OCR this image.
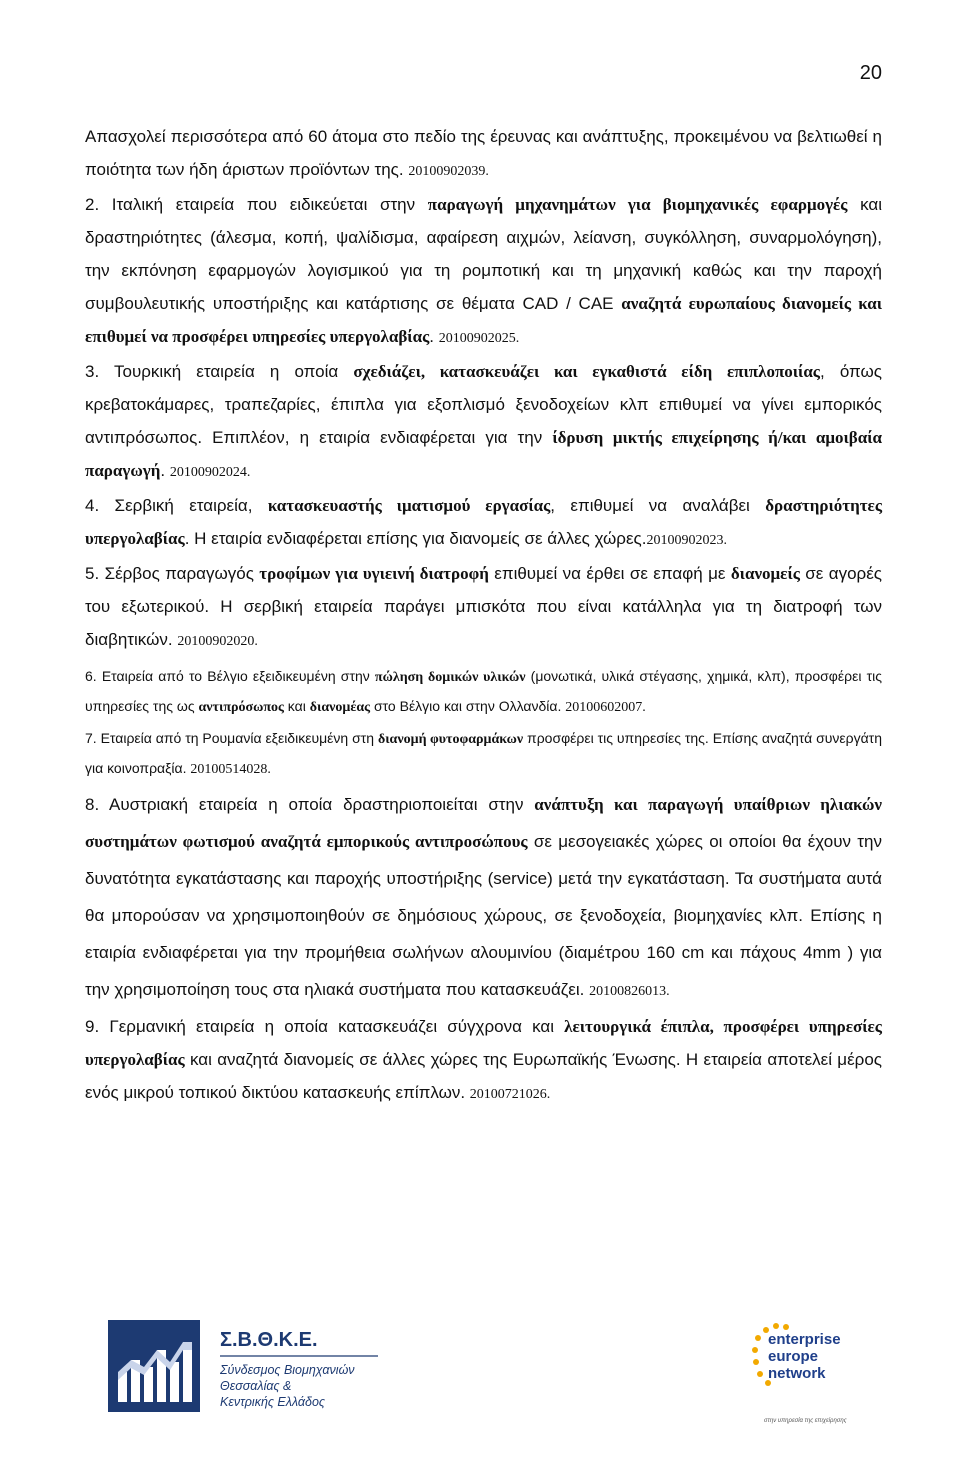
20

Απασχολεί περισσότερα από 60 άτομα στο πεδίο της έρευνας και ανάπτυξης, προκειμένου να βελτιωθεί η ποιότητα των ήδη άριστων προϊόντων της. 20100902039.

2. Ιταλική εταιρεία που ειδικεύεται στην παραγωγή μηχανημάτων για βιομηχανικές εφαρμογές και δραστηριότητες (άλεσμα, κοπή, ψαλίδισμα, αφαίρεση αιχμών, λείανση, συγκόλληση, συναρμολόγηση), την εκπόνηση εφαρμογών λογισμικού για τη ρομποτική και τη μηχανική καθώς και την παροχή συμβουλευτικής υποστήριξης και κατάρτισης σε θέματα CAD / CAE αναζητά ευρωπαίους διανομείς και επιθυμεί να προσφέρει υπηρεσίες υπεργολαβίας. 20100902025.

3. Τουρκική εταιρεία η οποία σχεδιάζει, κατασκευάζει και εγκαθιστά είδη επιπλοποιίας, όπως κρεβατοκάμαρες, τραπεζαρίες, έπιπλα για εξοπλισμό ξενοδοχείων κλπ επιθυμεί να γίνει εμπορικός αντιπρόσωπος. Επιπλέον, η εταιρία ενδιαφέρεται για την ίδρυση μικτής επιχείρησης ή/και αμοιβαία παραγωγή. 20100902024.

4. Σερβική εταιρεία, κατασκευαστής ιματισμού εργασίας, επιθυμεί να αναλάβει δραστηριότητες υπεργολαβίας. Η εταιρία ενδιαφέρεται επίσης για διανομείς σε άλλες χώρες.20100902023.

5. Σέρβος παραγωγός τροφίμων για υγιεινή διατροφή επιθυμεί να έρθει σε επαφή με διανομείς σε αγορές του εξωτερικού. Η σερβική εταιρεία παράγει μπισκότα που είναι κατάλληλα για τη διατροφή των διαβητικών. 20100902020.

6. Εταιρεία από το Βέλγιο εξειδικευμένη στην πώληση δομικών υλικών (μονωτικά, υλικά στέγασης, χημικά, κλπ), προσφέρει τις υπηρεσίες της ως αντιπρόσωπος και διανομέας στο Βέλγιο και στην Ολλανδία. 20100602007.

7. Εταιρεία από τη Ρουμανία εξειδικευμένη στη διανομή φυτοφαρμάκων προσφέρει τις υπηρεσίες της. Επίσης αναζητά συνεργάτη για κοινοπραξία. 20100514028.

8. Αυστριακή εταιρεία η οποία δραστηριοποιείται στην ανάπτυξη και παραγωγή υπαίθριων ηλιακών συστημάτων φωτισμού αναζητά εμπορικούς αντιπροσώπους σε μεσογειακές χώρες οι οποίοι θα έχουν την δυνατότητα εγκατάστασης και παροχής υποστήριξης (service) μετά την εγκατάσταση. Τα συστήματα αυτά θα μπορούσαν να χρησιμοποιηθούν σε δημόσιους χώρους, σε ξενοδοχεία, βιομηχανίες κλπ. Επίσης η εταιρία ενδιαφέρεται για την προμήθεια σωλήνων αλουμινίου (διαμέτρου 160 cm και πάχους 4mm ) για την χρησιμοποίηση τους στα ηλιακά συστήματα που κατασκευάζει. 20100826013.

9. Γερμανική εταιρεία η οποία κατασκευάζει σύγχρονα και λειτουργικά έπιπλα, προσφέρει υπηρεσίες υπεργολαβίας και αναζητά διανομείς σε άλλες χώρες της Ευρωπαϊκής Ένωσης. Η εταιρεία αποτελεί μέρος ενός μικρού τοπικού δικτύου κατασκευής επίπλων. 20100721026.

Σ.Β.Θ.Κ.Ε.
Σύνδεσμος Βιομηχανιών
Θεσσαλίας &
Κεντρικής Ελλάδος
enterprise
europe
network
στην υπηρεσία της επιχείρησης
